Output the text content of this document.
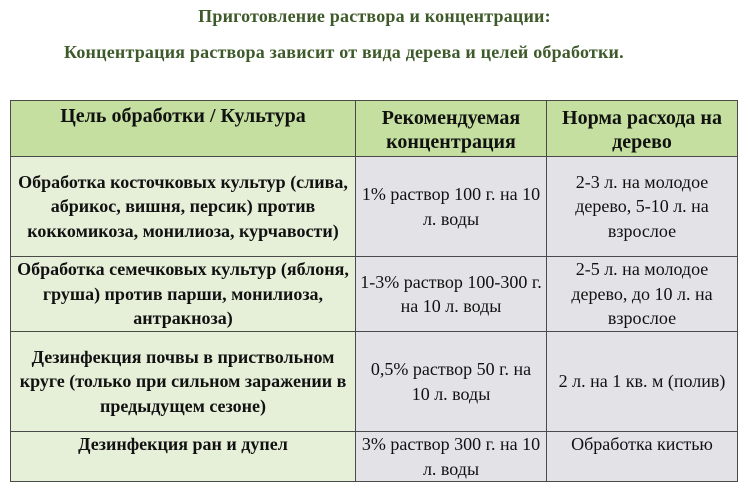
Приготовление раствора и концентрации:
Концентрация раствора зависит от вида дерева и целей обработки.
Цель обработки / Культура	Рекомендуемая концентрация	Норма расхода на дерево
Обработка косточковых культур (слива, абрикос, вишня, персик) против коккомикоза, монилиоза, курчавости)	1% раствор 100 г. на 10 л. воды	2-3 л. на молодое дерево, 5-10 л. на взрослое
Обработка семечковых культур (яблоня, груша) против парши, монилиоза, антракноза)	1-3% раствор 100-300 г. на 10 л. воды	2-5 л. на молодое дерево, до 10 л. на взрослое
Дезинфекция почвы в приствольном круге (только при сильном заражении в предыдущем сезоне)	0,5% раствор 50 г. на 10 л. воды	2 л. на 1 кв. м (полив)
Дезинфекция ран и дупел	3% раствор 300 г. на 10 л. воды	Обработка кистью
